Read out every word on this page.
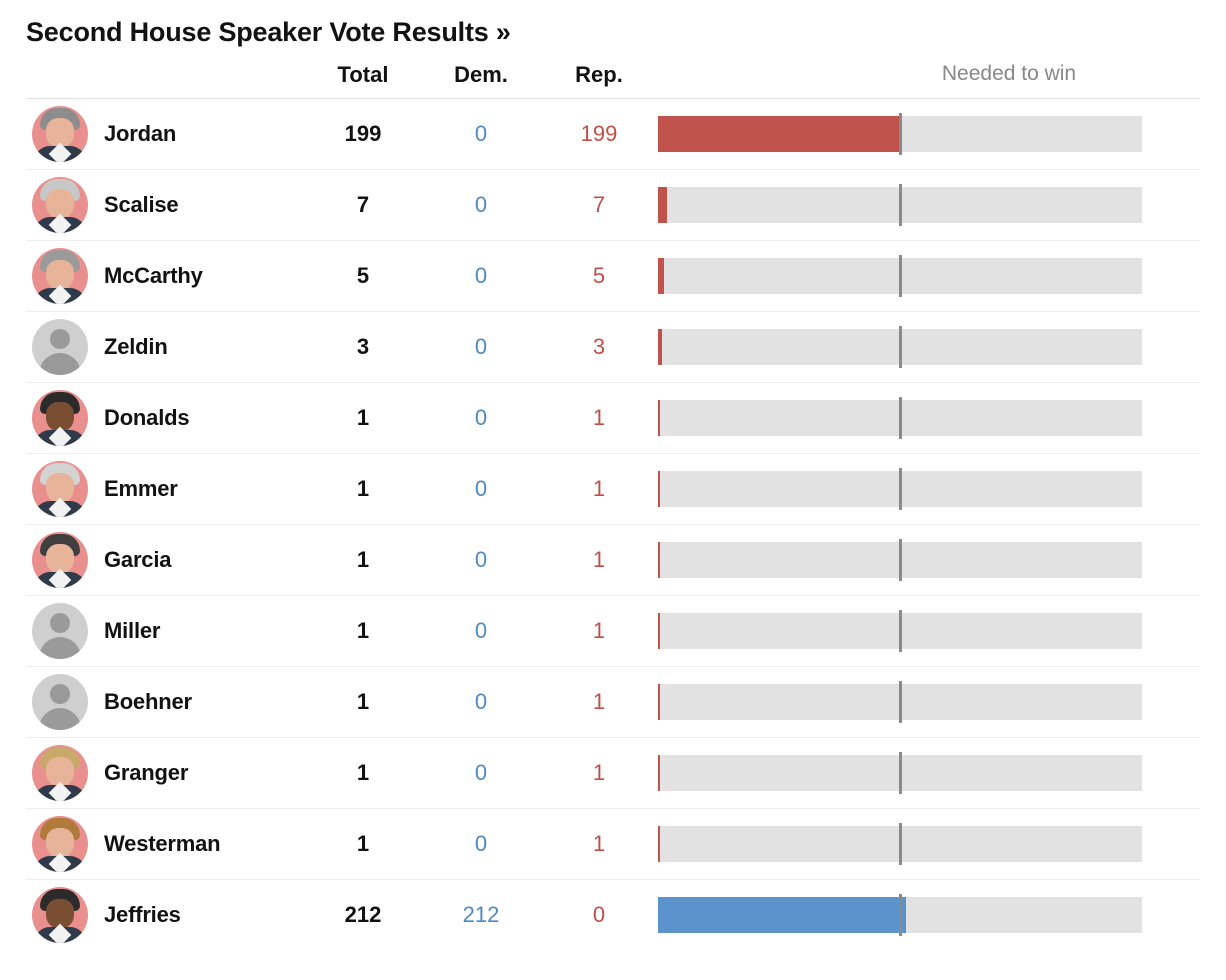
Second House Speaker Vote Results »
		Total	Dem.	Rep.	Needed to win

	Jordan	199	0	199	

	Scalise	7	0	7	

	McCarthy	5	0	5	

	Zeldin	3	0	3	

	Donalds	1	0	1	

	Emmer	1	0	1	

	Garcia	1	0	1	

	Miller	1	0	1	

	Boehner	1	0	1	

	Granger	1	0	1	

	Westerman	1	0	1	

	Jeffries	212	212	0	
